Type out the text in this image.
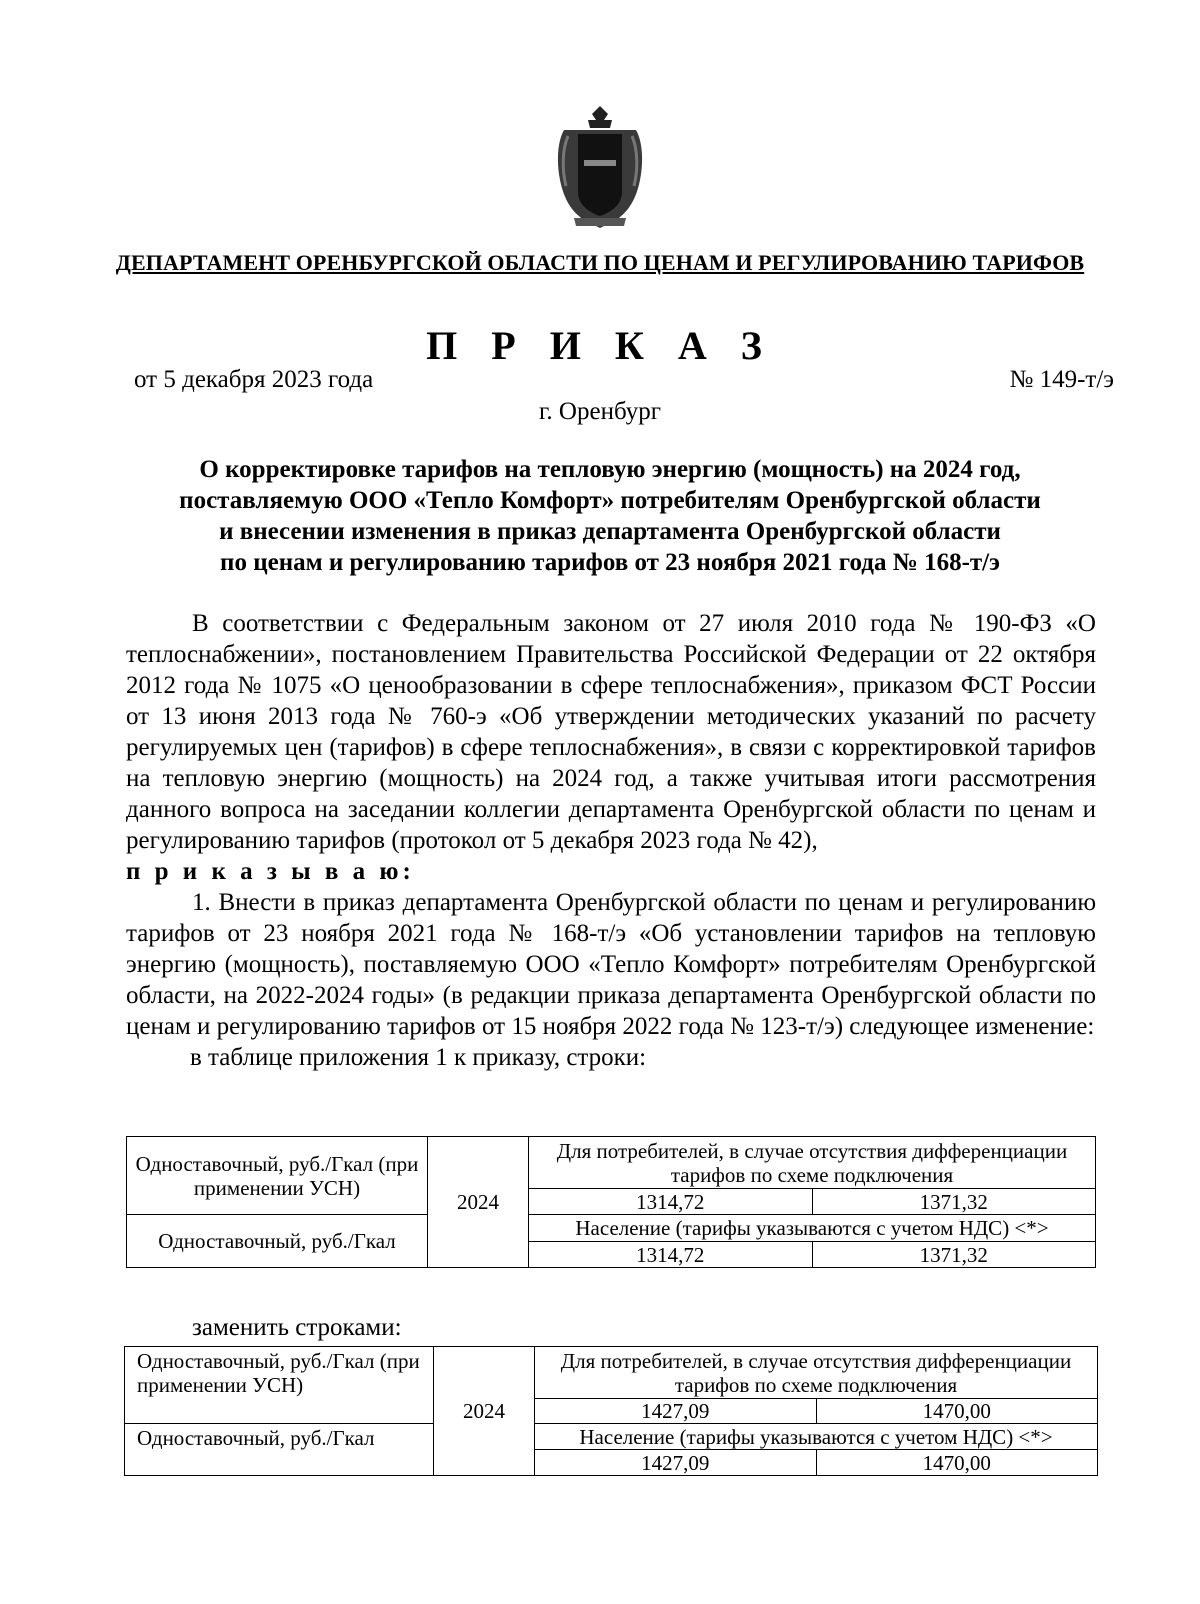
ДЕПАРТАМЕНТ ОРЕНБУРГСКОЙ ОБЛАСТИ ПО ЦЕНАМ И РЕГУЛИРОВАНИЮ ТАРИФОВ
П Р И К А З
от 5 декабря 2023 года	№ 149-т/э
г. Оренбург
О корректировке тарифов на тепловую энергию (мощность) на 2024 год,
поставляемую ООО «Тепло Комфорт» потребителям Оренбургской области
и внесении изменения в приказ департамента Оренбургской области
по ценам и регулированию тарифов от 23 ноября 2021 года № 168-т/э

В соответствии с Федеральным законом от 27 июля 2010 года № 190-ФЗ «О теплоснабжении», постановлением Правительства Российской Федерации от 22 октября 2012 года № 1075 «О ценообразовании в сфере теплоснабжения», приказом ФСТ России от 13 июня 2013 года № 760-э «Об утверждении методических указаний по расчету регулируемых цен (тарифов) в сфере теплоснабжения», в связи с корректировкой тарифов на тепловую энергию (мощность) на 2024 год, а также учитывая итоги рассмотрения данного вопроса на заседании коллегии департамента Оренбургской области по ценам и регулированию тарифов (протокол от 5 декабря 2023 года № 42),

п р и к а з ы в а ю:

1. Внести в приказ департамента Оренбургской области по ценам и регулированию тарифов от 23 ноября 2021 года № 168-т/э «Об установлении тарифов на тепловую энергию (мощность), поставляемую ООО «Тепло Комфорт» потребителям Оренбургской области, на 2022-2024 годы» (в редакции приказа департамента Оренбургской области по ценам и регулированию тарифов от 15 ноября 2022 года № 123-т/э) следующее изменение:

в таблице приложения 1 к приказу, строки:

Одноставочный, руб./Гкал (при применении УСН)	2024	Для потребителей, в случае отсутствия дифференциации тарифов по схеме подключения	
		1314,72	1371,32
Одноставочный, руб./Гкал		Население (тарифы указываются с учетом НДС) <*>	
		1314,72	1371,32
заменить строками:
Одноставочный, руб./Гкал (при применении УСН)	2024	Для потребителей, в случае отсутствия дифференциации тарифов по схеме подключения	
		1427,09	1470,00
Одноставочный, руб./Гкал		Население (тарифы указываются с учетом НДС) <*>	
		1427,09	1470,00
